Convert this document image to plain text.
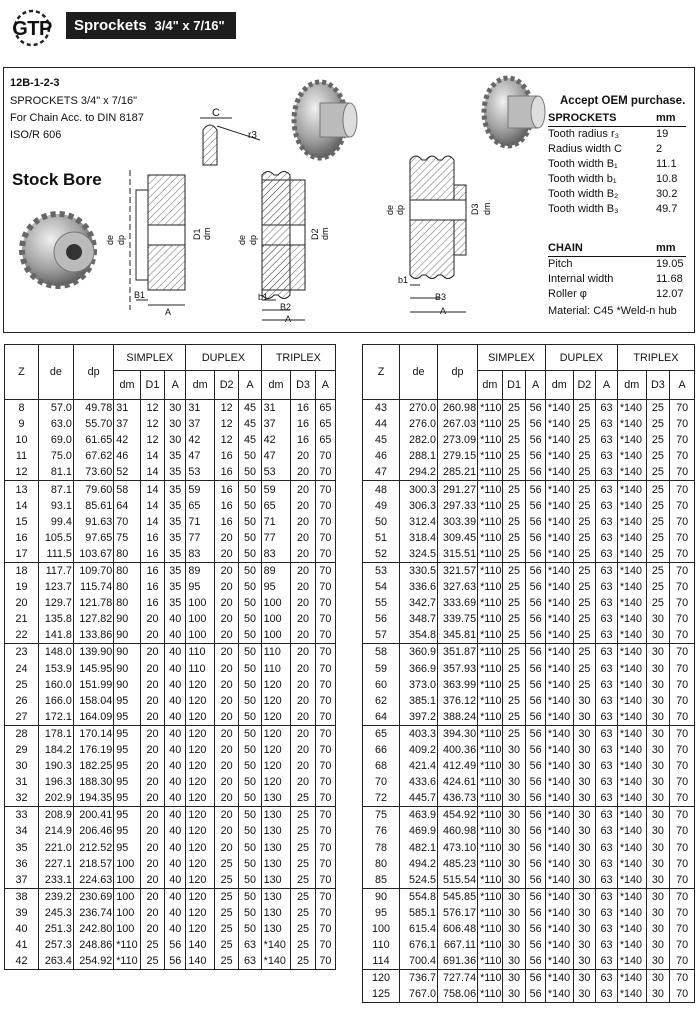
GTP	Sprockets 3/4" x 7/16"
12B-1-2-3
SPROCKETS 3/4" x 7/16"
For Chain Acc. to DIN 8187
ISO/R 606
Stock Bore
C
r3
de dp	D1 dm
B1
A
de dp	D2 dm
b1
B2
A
de dp	D3 dm
b1
B3
A
Accept OEM purchase.
SPROCKETS	mm
Tooth radius r₃	19
Radius width C	2
Tooth width B₁	11.1
Tooth width b₁	10.8
Tooth width B₂	30.2
Tooth width B₃	49.7
CHAIN	mm
Pitch	19.05
Internal width	11.68
Roller φ	12.07
Material: C45 *Weld-n hub
Z	de	dp	SIMPLEX			DUPLEX			TRIPLEX		
			dm	D1	A	dm	D2	A	dm	D3	A
8	57.0	49.78	31	12	30	31	12	45	31	16	65
9	63.0	55.70	37	12	30	37	12	45	37	16	65
10	69.0	61.65	42	12	30	42	12	45	42	16	65
11	75.0	67.62	46	14	35	47	16	50	47	20	70
12	81.1	73.60	52	14	35	53	16	50	53	20	70
13	87.1	79.60	58	14	35	59	16	50	59	20	70
14	93.1	85.61	64	14	35	65	16	50	65	20	70
15	99.4	91.63	70	14	35	71	16	50	71	20	70
16	105.5	97.65	75	16	35	77	20	50	77	20	70
17	111.5	103.67	80	16	35	83	20	50	83	20	70
18	117.7	109.70	80	16	35	89	20	50	89	20	70
19	123.7	115.74	80	16	35	95	20	50	95	20	70
20	129.7	121.78	80	16	35	100	20	50	100	20	70
21	135.8	127.82	90	20	40	100	20	50	100	20	70
22	141.8	133.86	90	20	40	100	20	50	100	20	70
23	148.0	139.90	90	20	40	110	20	50	110	20	70
24	153.9	145.95	90	20	40	110	20	50	110	20	70
25	160.0	151.99	90	20	40	120	20	50	120	20	70
26	166.0	158.04	95	20	40	120	20	50	120	20	70
27	172.1	164.09	95	20	40	120	20	50	120	20	70
28	178.1	170.14	95	20	40	120	20	50	120	20	70
29	184.2	176.19	95	20	40	120	20	50	120	20	70
30	190.3	182.25	95	20	40	120	20	50	120	20	70
31	196.3	188.30	95	20	40	120	20	50	120	20	70
32	202.9	194.35	95	20	40	120	20	50	130	25	70
33	208.9	200.41	95	20	40	120	20	50	130	25	70
34	214.9	206.46	95	20	40	120	20	50	130	25	70
35	221.0	212.52	95	20	40	120	20	50	130	25	70
36	227.1	218.57	100	20	40	120	25	50	130	25	70
37	233.1	224.63	100	20	40	120	25	50	130	25	70
38	239.2	230.69	100	20	40	120	25	50	130	25	70
39	245.3	236.74	100	20	40	120	25	50	130	25	70
40	251.3	242.80	100	20	40	120	25	50	130	25	70
41	257.3	248.86	*110	25	56	140	25	63	*140	25	70
42	263.4	254.92	*110	25	56	140	25	63	*140	25	70
Z	de	dp	SIMPLEX			DUPLEX			TRIPLEX		
			dm	D1	A	dm	D2	A	dm	D3	A
43	270.0	260.98	*110	25	56	*140	25	63	*140	25	70
44	276.0	267.03	*110	25	56	*140	25	63	*140	25	70
45	282.0	273.09	*110	25	56	*140	25	63	*140	25	70
46	288.1	279.15	*110	25	56	*140	25	63	*140	25	70
47	294.2	285.21	*110	25	56	*140	25	63	*140	25	70
48	300.3	291.27	*110	25	56	*140	25	63	*140	25	70
49	306.3	297.33	*110	25	56	*140	25	63	*140	25	70
50	312.4	303.39	*110	25	56	*140	25	63	*140	25	70
51	318.4	309.45	*110	25	56	*140	25	63	*140	25	70
52	324.5	315.51	*110	25	56	*140	25	63	*140	25	70
53	330.5	321.57	*110	25	56	*140	25	63	*140	25	70
54	336.6	327.63	*110	25	56	*140	25	63	*140	25	70
55	342.7	333.69	*110	25	56	*140	25	63	*140	25	70
56	348.7	339.75	*110	25	56	*140	25	63	*140	30	70
57	354.8	345.81	*110	25	56	*140	25	63	*140	30	70
58	360.9	351.87	*110	25	56	*140	25	63	*140	30	70
59	366.9	357.93	*110	25	56	*140	25	63	*140	30	70
60	373.0	363.99	*110	25	56	*140	25	63	*140	30	70
62	385.1	376.12	*110	25	56	*140	30	63	*140	30	70
64	397.2	388.24	*110	25	56	*140	30	63	*140	30	70
65	403.3	394.30	*110	25	56	*140	30	63	*140	30	70
66	409.2	400.36	*110	30	56	*140	30	63	*140	30	70
68	421.4	412.49	*110	30	56	*140	30	63	*140	30	70
70	433.6	424.61	*110	30	56	*140	30	63	*140	30	70
72	445.7	436.73	*110	30	56	*140	30	63	*140	30	70
75	463.9	454.92	*110	30	56	*140	30	63	*140	30	70
76	469.9	460.98	*110	30	56	*140	30	63	*140	30	70
78	482.1	473.10	*110	30	56	*140	30	63	*140	30	70
80	494.2	485.23	*110	30	56	*140	30	63	*140	30	70
85	524.5	515.54	*110	30	56	*140	30	63	*140	30	70
90	554.8	545.85	*110	30	56	*140	30	63	*140	30	70
95	585.1	576.17	*110	30	56	*140	30	63	*140	30	70
100	615.4	606.48	*110	30	56	*140	30	63	*140	30	70
110	676.1	667.11	*110	30	56	*140	30	63	*140	30	70
114	700.4	691.36	*110	30	56	*140	30	63	*140	30	70
120	736.7	727.74	*110	30	56	*140	30	63	*140	30	70
125	767.0	758.06	*110	30	56	*140	30	63	*140	30	70
